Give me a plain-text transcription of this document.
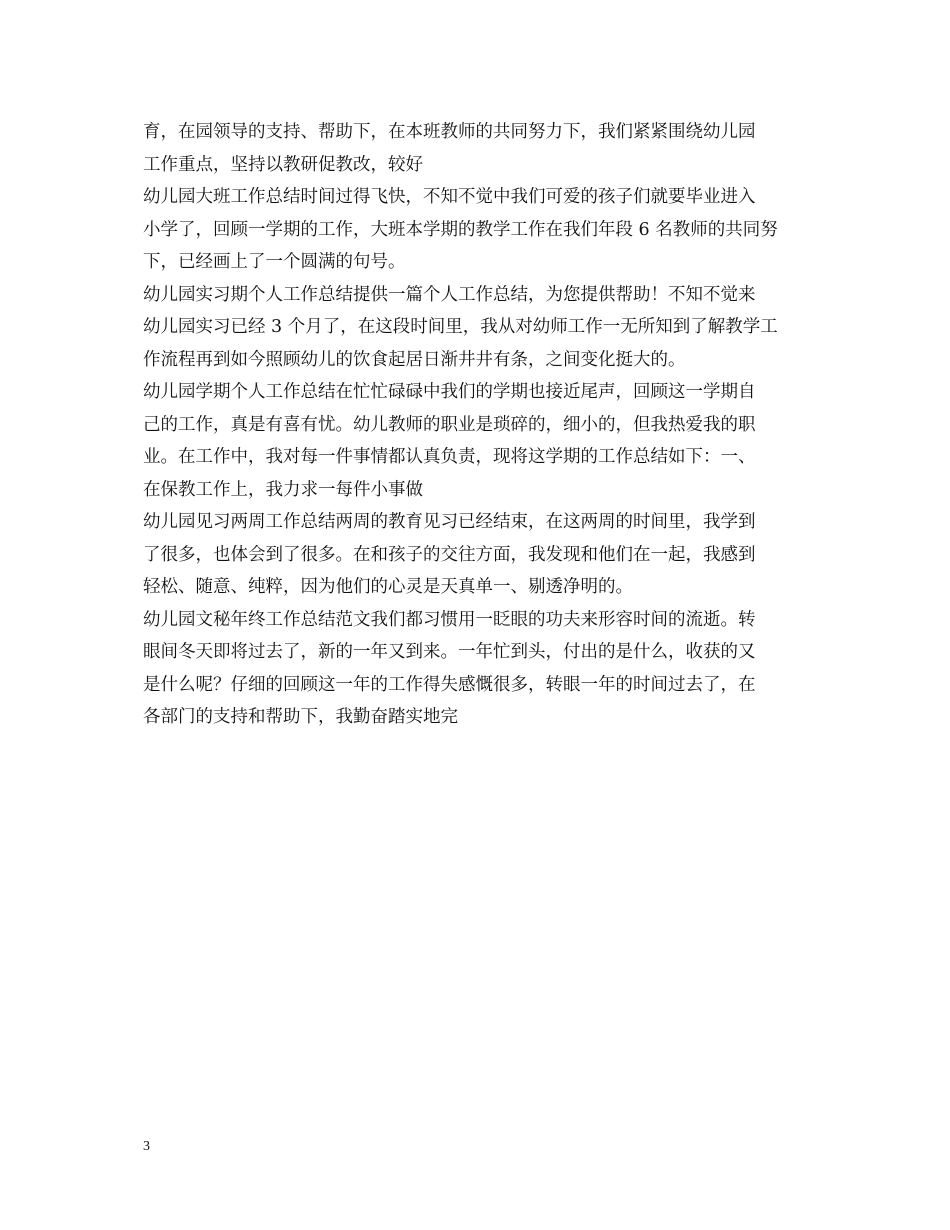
育，在园领导的支持、帮助下，在本班教师的共同努力下，我们紧紧围绕幼儿园
工作重点，坚持以教研促教改，较好
幼儿园大班工作总结时间过得飞快，不知不觉中我们可爱的孩子们就要毕业进入
小学了，回顾一学期的工作，大班本学期的教学工作在我们年段 6 名教师的共同努
下，已经画上了一个圆满的句号。
幼儿园实习期个人工作总结提供一篇个人工作总结，为您提供帮助！不知不觉来
幼儿园实习已经 3 个月了，在这段时间里，我从对幼师工作一无所知到了解教学工
作流程再到如今照顾幼儿的饮食起居日渐井井有条，之间变化挺大的。
幼儿园学期个人工作总结在忙忙碌碌中我们的学期也接近尾声，回顾这一学期自
己的工作，真是有喜有忧。幼儿教师的职业是琐碎的，细小的，但我热爱我的职
业。在工作中，我对每一件事情都认真负责，现将这学期的工作总结如下：一、
在保教工作上，我力求一每件小事做
幼儿园见习两周工作总结两周的教育见习已经结束，在这两周的时间里，我学到
了很多，也体会到了很多。在和孩子的交往方面，我发现和他们在一起，我感到
轻松、随意、纯粹，因为他们的心灵是天真单一、剔透净明的。
幼儿园文秘年终工作总结范文我们都习惯用一眨眼的功夫来形容时间的流逝。转
眼间冬天即将过去了，新的一年又到来。一年忙到头，付出的是什么，收获的又
是什么呢？仔细的回顾这一年的工作得失感慨很多，转眼一年的时间过去了，在
各部门的支持和帮助下，我勤奋踏实地完
3
